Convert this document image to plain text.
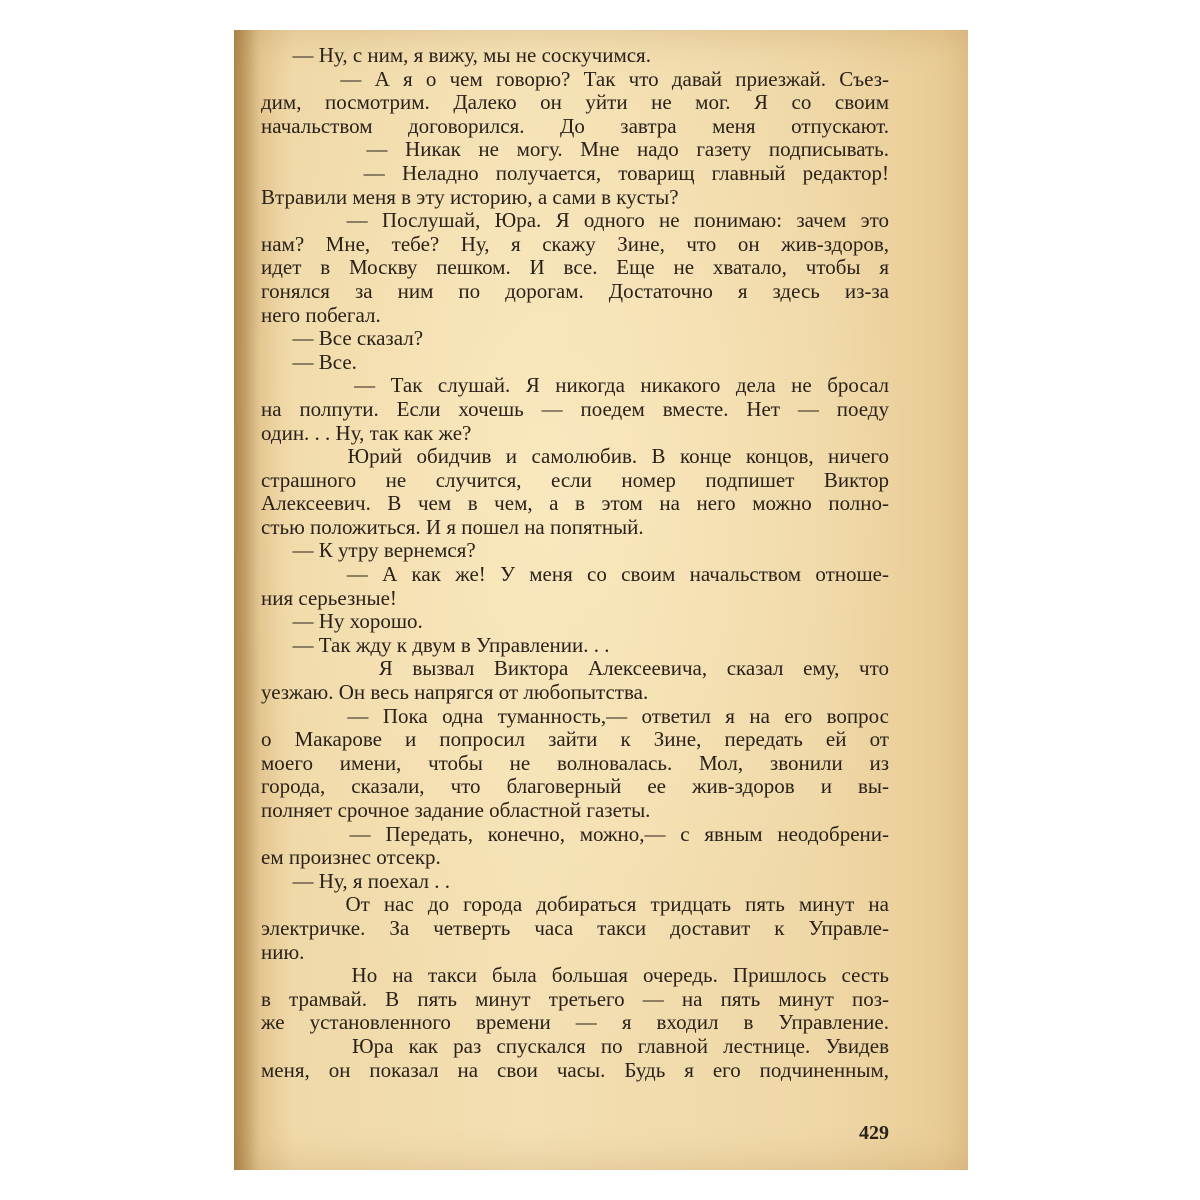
— Ну, с ним, я вижу, мы не соскучимся.
— А я о чем говорю? Так что давай приезжай. Съез-
дим, посмотрим. Далеко он уйти не мог. Я со своим
начальством договорился. До завтра меня отпускают.
— Никак не могу. Мне надо газету подписывать.
— Неладно получается, товарищ главный редактор!
Втравили меня в эту историю, а сами в кусты?
— Послушай, Юра. Я одного не понимаю: зачем это
нам? Мне, тебе? Ну, я скажу Зине, что он жив-здоров,
идет в Москву пешком. И все. Еще не хватало, чтобы я
гонялся за ним по дорогам. Достаточно я здесь из-за
него побегал.
— Все сказал?
— Все.
— Так слушай. Я никогда никакого дела не бросал
на полпути. Если хочешь — поедем вместе. Нет — поеду
один. . . Ну, так как же?
Юрий обидчив и самолюбив. В конце концов, ничего
страшного не случится, если номер подпишет Виктор
Алексеевич. В чем в чем, а в этом на него можно полно-
стью положиться. И я пошел на попятный.
— К утру вернемся?
— А как же! У меня со своим начальством отноше-
ния серьезные!
— Ну хорошо.
— Так жду к двум в Управлении. . .
Я вызвал Виктора Алексеевича, сказал ему, что
уезжаю. Он весь напрягся от любопытства.
— Пока одна туманность,— ответил я на его вопрос
о Макарове и попросил зайти к Зине, передать ей от
моего имени, чтобы не волновалась. Мол, звонили из
города, сказали, что благоверный ее жив-здоров и вы-
полняет срочное задание областной газеты.
— Передать, конечно, можно,— с явным неодобрени-
ем произнес отсекр.
— Ну, я поехал . .
От нас до города добираться тридцать пять минут на
электричке. За четверть часа такси доставит к Управле-
нию.
Но на такси была большая очередь. Пришлось сесть
в трамвай. В пять минут третьего — на пять минут поз-
же установленного времени — я входил в Управление.
Юра как раз спускался по главной лестнице. Увидев
меня, он показал на свои часы. Будь я его подчиненным,
429
